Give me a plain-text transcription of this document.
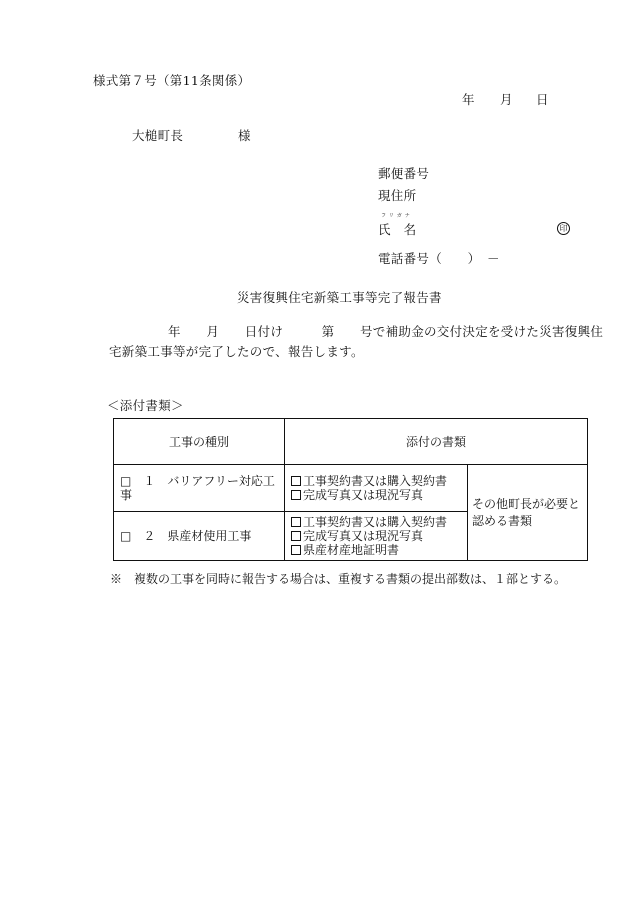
様式第７号（第11条関係）
年 月 日
大槌町長	様
郵便番号
現住所
フリガナ
氏　名	印
電話番号（　　）　－
災害復興住宅新築工事等完了報告書
年　　月　　日付け　　　第　　号で補助金の交付決定を受けた災害復興住
宅新築工事等が完了したので、報告します。
＜添付書類＞
工事の種別	添付の書類	
□　１　バリアフリー対応工事	工事契約書又は購入契約書
完成写真又は現況写真	その他町長が必要と認める書類
□　２　県産材使用工事	工事契約書又は購入契約書
完成写真又は現況写真
県産材産地証明書	
※　複数の工事を同時に報告する場合は、重複する書類の提出部数は、１部とする。
